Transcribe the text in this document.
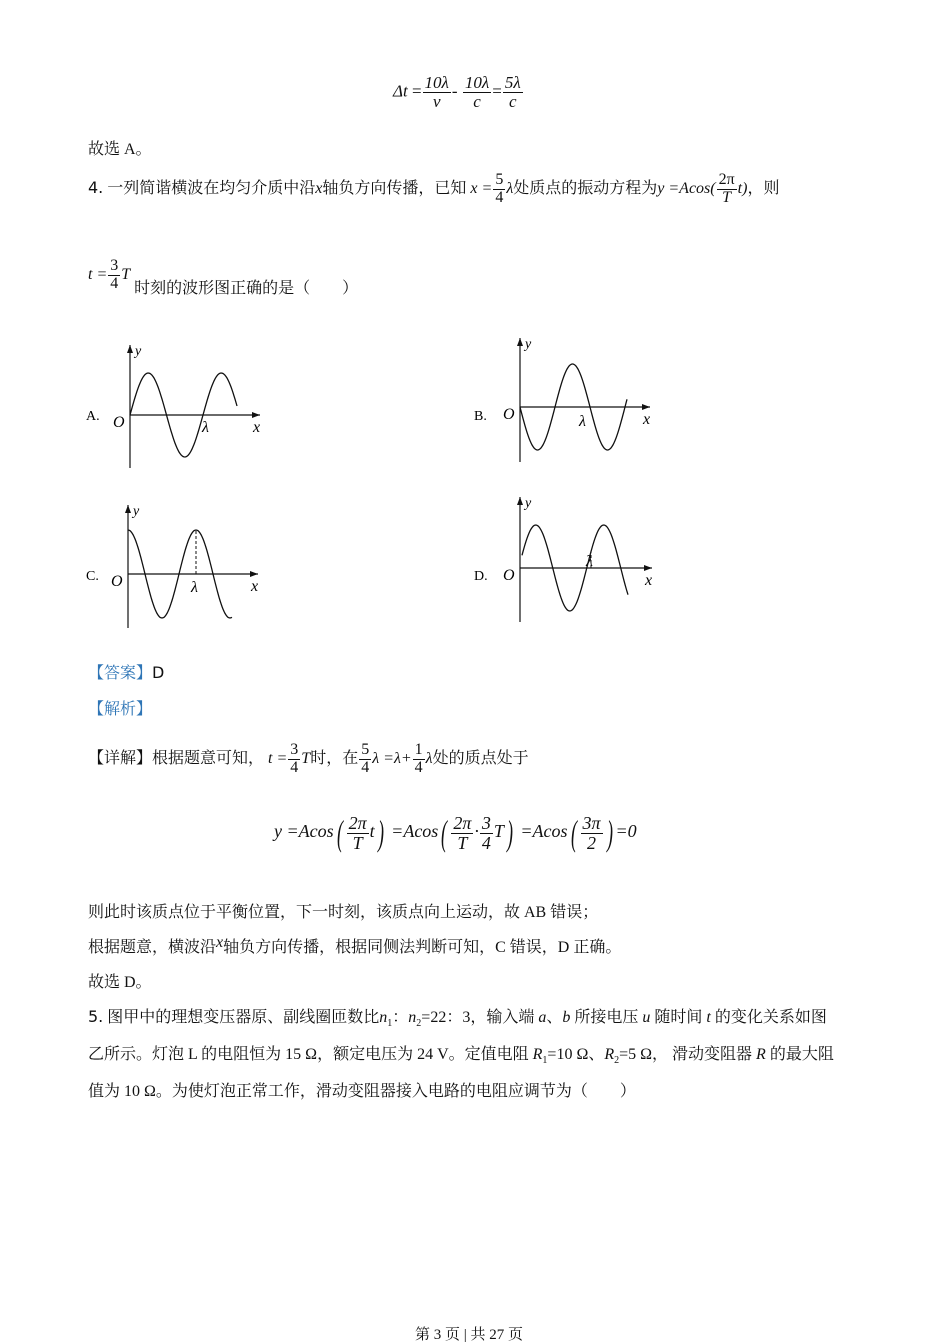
$\Delta t = \frac{10\lambda}{v} - \frac{10\lambda}{c} = \frac{5\lambda}{c}$
故选 A。
4. 一列简谐横波在均匀介质中沿x轴负方向传播，已知 $x = \frac{5}{4}$ λ处质点的振动方程为$y =Acos( \frac{2\pi}{T} t)$，则
$t = \frac{3}{4}$ T 时刻的波形图正确的是（　　）
A.
y
O	x
λ
B.
y
O	x
λ
C.
y
O	x
λ
D.
y
O	x
λ
【答案】D
【解析】
【详解】根据题意可知， $t = \frac{3}{4}$ T时，在 $\frac{5}{4}$ $\lambda =\lambda+ \frac{1}{4}$ λ处的质点处于
$y =Acos( \frac{2\pi}{T} t) =Acos( \frac{2\pi}{T} \cdot \frac{3}{4} T) =Acos( \frac{3\pi}{2}$ ) =0
则此时该质点位于平衡位置，下一时刻，该质点向上运动，故 AB 错误；
根据题意，横波沿x轴负方向传播，根据同侧法判断可知，C 错误，D 正确。
故选 D。
5. 图甲中的理想变压器原、副线圈匝数比$n_1$：$n_2=22$：3，输入端 a、b 所接电压 u 随时间 t 的变化关系如图
乙所示。灯泡 L 的电阻恒为 15 Ω，额定电压为 24 V。定值电阻 $R_1=10$ Ω、$R_2=5$ Ω， 滑动变阻器 R 的最大阻
值为 10 Ω。为使灯泡正常工作，滑动变阻器接入电路的电阻应调节为（　　）
第 3 页 | 共 27 页
